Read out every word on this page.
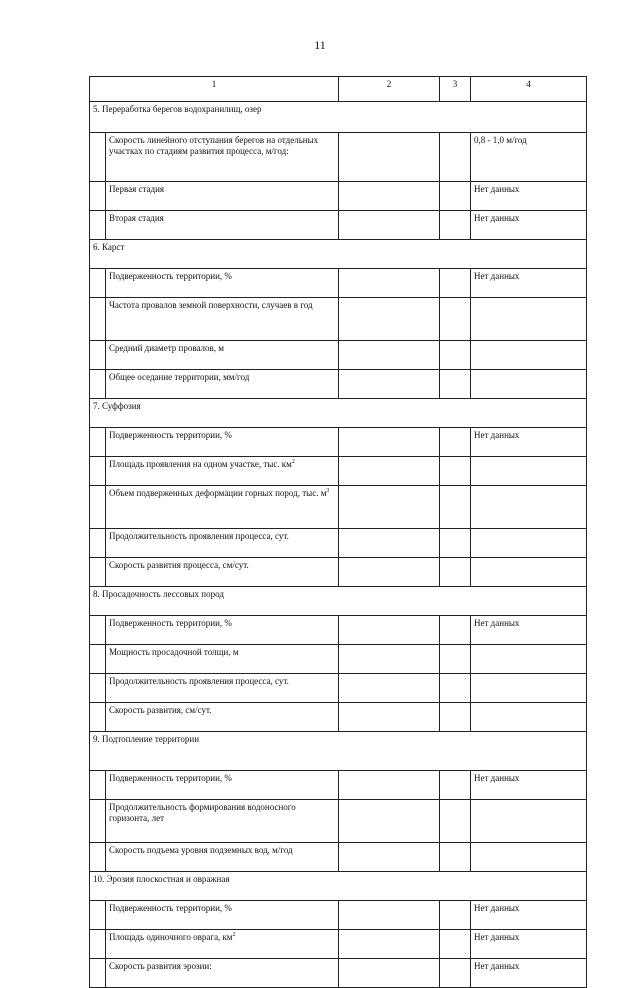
11
1		2	3	4
5. Переработка берегов водохранилищ, озер				
	Скорость линейного отступания берегов на отдельных участках по стадиям развития процесса, м/год:			0,8 - 1,0 м/год
	Первая стадия			Нет данных
	Вторая стадия			Нет данных
6. Карст				
	Подверженность территории, %			Нет данных
	Частота провалов земной поверхности, случаев в год			
	Средний диаметр провалов, м			
	Общее оседание территории, мм/год			
7. Суффозия				
	Подверженность территории, %			Нет данных
	Площадь проявления на одном участке, тыс. $км^2$			
	Объем подверженных деформации горных пород, тыс. $м^3$			
	Продолжительность проявления процесса, сут.			
	Скорость развития процесса, см/сут.			
8. Просадочность лессовых пород				
	Подверженность территории, %			Нет данных
	Мощность просадочной толщи, м			
	Продолжительность проявления процесса, сут.			
	Скорость развития, см/сут.			
9. Подтопление территории				
	Подверженность территории, %			Нет данных
	Продолжительность формирования водоносного горизонта, лет			
	Скорость подъема уровня подземных вод, м/год			
10. Эрозия плоскостная и овражная				
	Подверженность территории, %			Нет данных
	Площадь одиночного оврага, $км^2$			Нет данных
	Скорость развития эрозии:			Нет данных
